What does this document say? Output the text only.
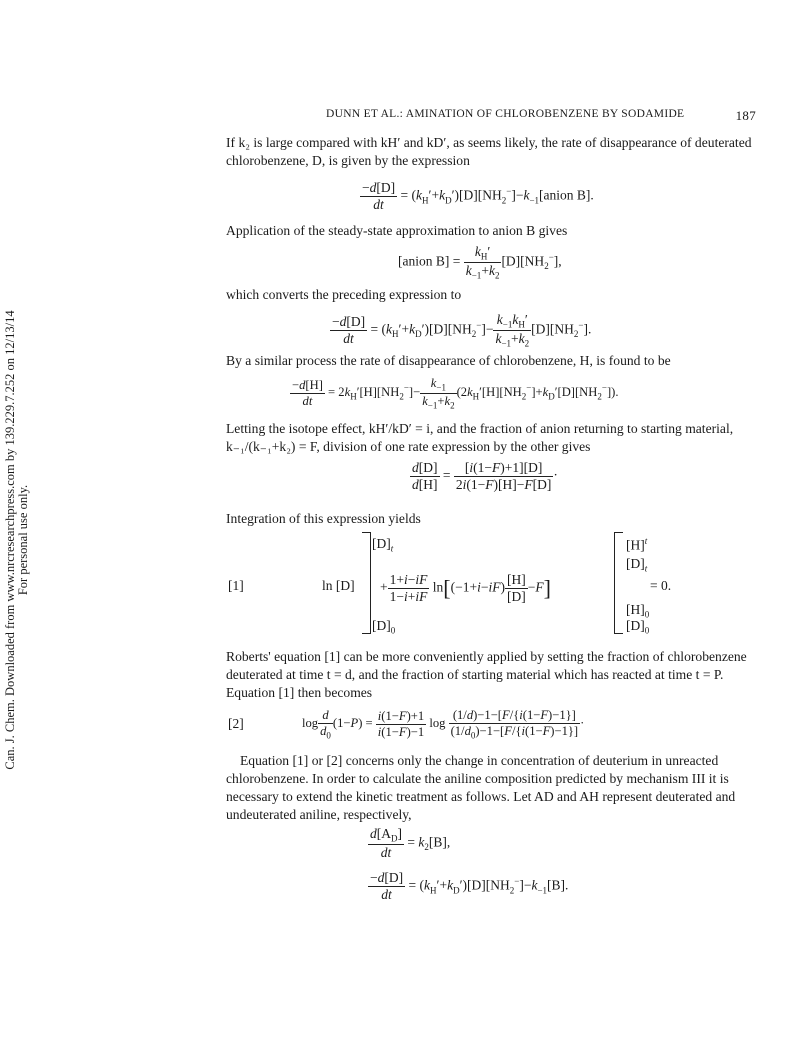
DUNN ET AL.: AMINATION OF CHLOROBENZENE BY SODAMIDE	187
Can. J. Chem. Downloaded from www.nrcresearchpress.com by 139.229.7.252 on 12/13/14 For personal use only.
If k₂ is large compared with kH′ and kD′, as seems likely, the rate of disappearance of deuterated chlorobenzene, D, is given by the expression
$\frac{-d[D]}{dt}$ = $(k_H'+k_D')[D][NH_2^-]-k_{-1}[anion$ B].
Application of the steady-state approximation to anion B gives
[anion $B] = \frac{k_H'}{k_{-1}+k_2} [D][NH_2^-]$,
which converts the preceding expression to
$\frac{-d[D]}{dt} = (k_H'+k_D')[D][NH_2^-]- \frac{k_{-1}k_H'}{k_{-1}+k_2} [D][NH_2^-]$.
By a similar process the rate of disappearance of chlorobenzene, H, is found to be
$\frac{-d[H]}{dt} = 2k_H'[H][NH_2^-]- \frac{k_{-1}}{k_{-1}+k_2} (2k_H'[H][NH_2^-]+k_D'[D][NH_2^-])$.
Letting the isotope effect, kH′/kD′ = i, and the fraction of anion returning to starting material, k₋₁/(k₋₁+k₂) = F, division of one rate expression by the other gives
$\frac{d[D]}{d[H]} = \frac{[i(1-F)+1][D]}{2i(1-F)[H]-F[D]}$ ·
Integration of this expression yields
[1]	ln [D]
$[D]_t$
$[D]_0$
+ $\frac{1+i-iF}{1-i+iF} \ln[(-1+i-iF) \frac{[H]}{[D]} -F]$
$[H]^t$
$[D]_t$
= 0.
$[H]_0$
$[D]_0$
Roberts' equation [1] can be more conveniently applied by setting the fraction of chlorobenzene deuterated at time t = d, and the fraction of starting material which has reacted at time t = P. Equation [1] then becomes
[2]	$\log \frac{d}{d_0} (1-P) = \frac{i(1-F)+1}{i(1-F)-1}$ $\log \frac{(1/d)-1-[F/\{i(1-F)-1\}]}{(1/d_0)-1-[F/\{i(1-F)-1\}]}$ ·
Equation [1] or [2] concerns only the change in concentration of deuterium in unreacted chlorobenzene. In order to calculate the aniline composition predicted by mechanism III it is necessary to extend the kinetic treatment as follows. Let AD and AH represent deuterated and undeuterated aniline, respectively,
$\frac{d[A_D]}{dt} = k_2[B]$,
$\frac{-d[D]}{dt} = (k_H'+k_D')[D][NH_2^-]-k_{-1}[B]$.
